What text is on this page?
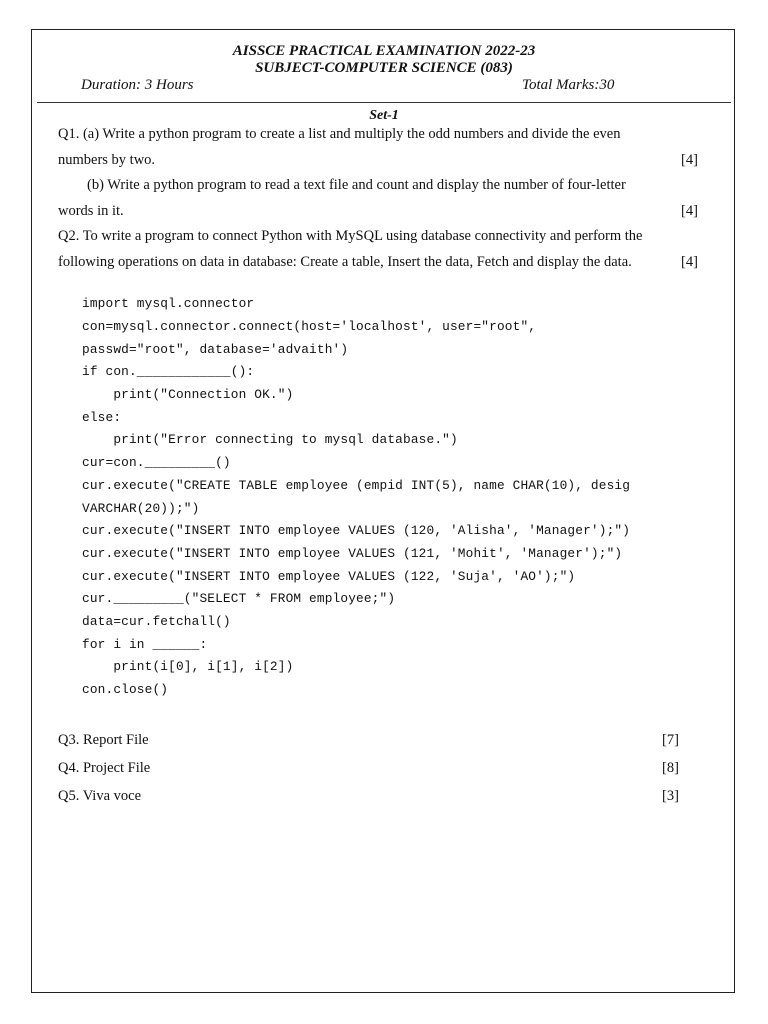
AISSCE PRACTICAL EXAMINATION 2022-23
SUBJECT-COMPUTER SCIENCE (083)
Duration: 3 Hours	Total Marks:30
Set-1
Q1. (a) Write a python program to create a list and multiply the odd numbers and divide the even
numbers by two.	[4]
(b) Write a python program to read a text file and count and display the number of four-letter
words in it.	[4]
Q2. To write a program to connect Python with MySQL using database connectivity and perform the
following operations on data in database: Create a table, Insert the data, Fetch and display the data.	[4]
import mysql.connector
con=mysql.connector.connect(host='localhost', user="root",
passwd="root", database='advaith')
if con.____________():
print("Connection OK.")
else:
print("Error connecting to mysql database.")
cur=con._________()
cur.execute("CREATE TABLE employee (empid INT(5), name CHAR(10), desig
VARCHAR(20));")
cur.execute("INSERT INTO employee VALUES (120, 'Alisha', 'Manager');")
cur.execute("INSERT INTO employee VALUES (121, 'Mohit', 'Manager');")
cur.execute("INSERT INTO employee VALUES (122, 'Suja', 'AO');")
cur._________("SELECT * FROM employee;")
data=cur.fetchall()
for i in ______:
print(i[0], i[1], i[2])
con.close()
Q3. Report File	[7]
Q4. Project File	[8]
Q5. Viva voce	[3]
